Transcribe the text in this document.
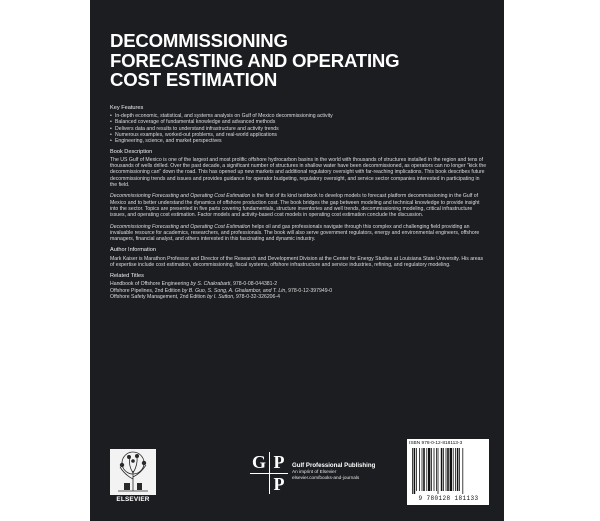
DECOMMISSIONING
FORECASTING AND OPERATING
COST ESTIMATION
Key Features
• In-depth economic, statistical, and systems analysis on Gulf of Mexico decommissioning activity
• Balanced coverage of fundamental knowledge and advanced methods
• Delivers data and results to understand infrastructure and activity trends
• Numerous examples, worked-out problems, and real-world applications
• Engineering, science, and market perspectives
Book Description

The US Gulf of Mexico is one of the largest and most prolific offshore hydrocarbon basins in the world with thousands of structures installed in the region and tens of thousands of wells drilled. Over the past decade, a significant number of structures in shallow water have been decommissioned, as operators can no longer "kick the decommissioning can" down the road. This has opened up new markets and additional regulatory oversight with far-reaching implications. This book describes future decommissioning trends and issues and provides guidance for operator budgeting, regulatory oversight, and service sector companies interested in participating in the field.

Decommissioning Forecasting and Operating Cost Estimation is the first of its kind textbook to develop models to forecast platform decommissioning in the Gulf of Mexico and to better understand the dynamics of offshore production cost. The book bridges the gap between modeling and technical knowledge to provide insight into the sector. Topics are presented in five parts covering fundamentals, structure inventories and well trends, decommissioning modeling, critical infrastructure issues, and operating cost estimation. Factor models and activity-based cost models in operating cost estimation conclude the discussion.

Decommissioning Forecasting and Operating Cost Estimation helps oil and gas professionals navigate through this complex and challenging field providing an invaluable resource for academics, researchers, and professionals. The book will also serve government regulators, energy and environmental engineers, offshore managers, financial analyst, and others interested in this fascinating and dynamic industry.

Author Information

Mark Kaiser is Marathon Professor and Director of the Research and Development Division at the Center for Energy Studies at Louisiana State University. His areas of expertise include cost estimation, decommissioning, fiscal systems, offshore infrastructure and service industries, refining, and regulatory modeling.

Related Titles

Handbook of Offshore Engineering by S. Chakrabarti, 978-0-08-044381-2

Offshore Pipelines, 2nd Edition by B. Guo, S. Song, A. Ghalambor, and T. Lin, 978-0-12-397949-0

Offshore Safety Management, 2nd Edition by I. Sutton, 978-0-32-326206-4

ELSEVIER
G P
P
Gulf Professional Publishing
An imprint of Elsevier
elsevier.com/books-and-journals
ISBN 978-0-12-818113-3
9 780128 181133
